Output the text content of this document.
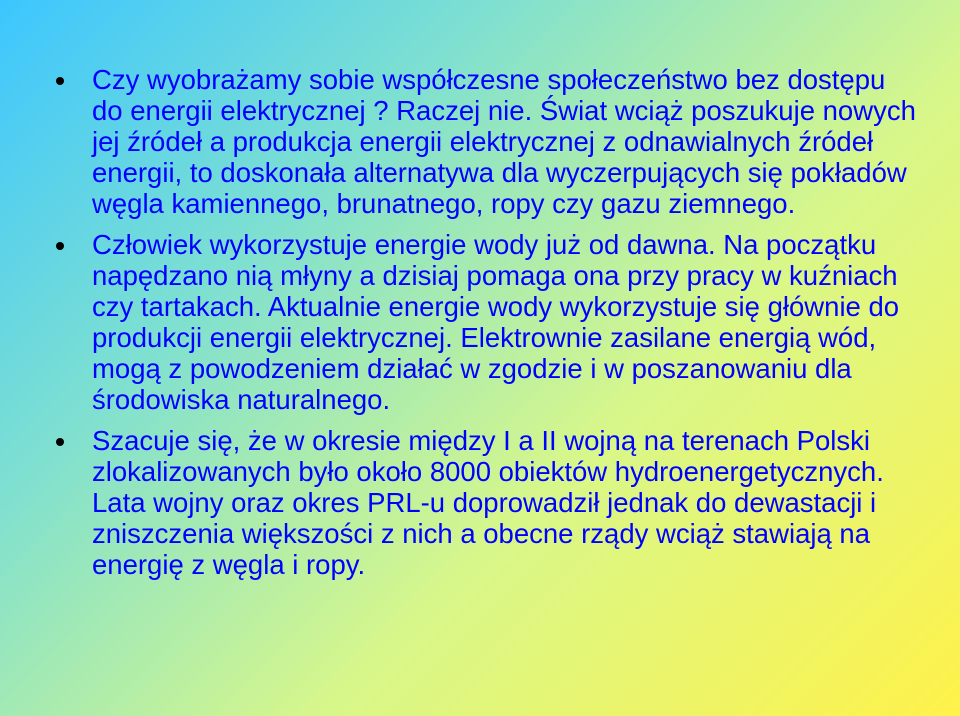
Czy wyobrażamy sobie współczesne społeczeństwo bez dostępu do energii elektrycznej ? Raczej nie. Świat wciąż poszukuje nowych jej źródeł a produkcja energii elektrycznej z odnawialnych źródeł energii, to doskonała alternatywa dla wyczerpujących się pokładów węgla kamiennego, brunatnego, ropy czy gazu ziemnego.
Człowiek wykorzystuje energie wody już od dawna. Na początku napędzano nią młyny a dzisiaj pomaga ona przy pracy w kuźniach czy tartakach. Aktualnie energie wody wykorzystuje się głównie do produkcji energii elektrycznej. Elektrownie zasilane energią wód, mogą z powodzeniem działać w zgodzie i w poszanowaniu dla środowiska naturalnego.
Szacuje się, że w okresie między I a II wojną na terenach Polski zlokalizowanych było około 8000 obiektów hydroenergetycznych. Lata wojny oraz okres PRL-u doprowadził jednak do dewastacji i zniszczenia większości z nich a obecne rządy wciąż stawiają na energię z węgla i ropy.
